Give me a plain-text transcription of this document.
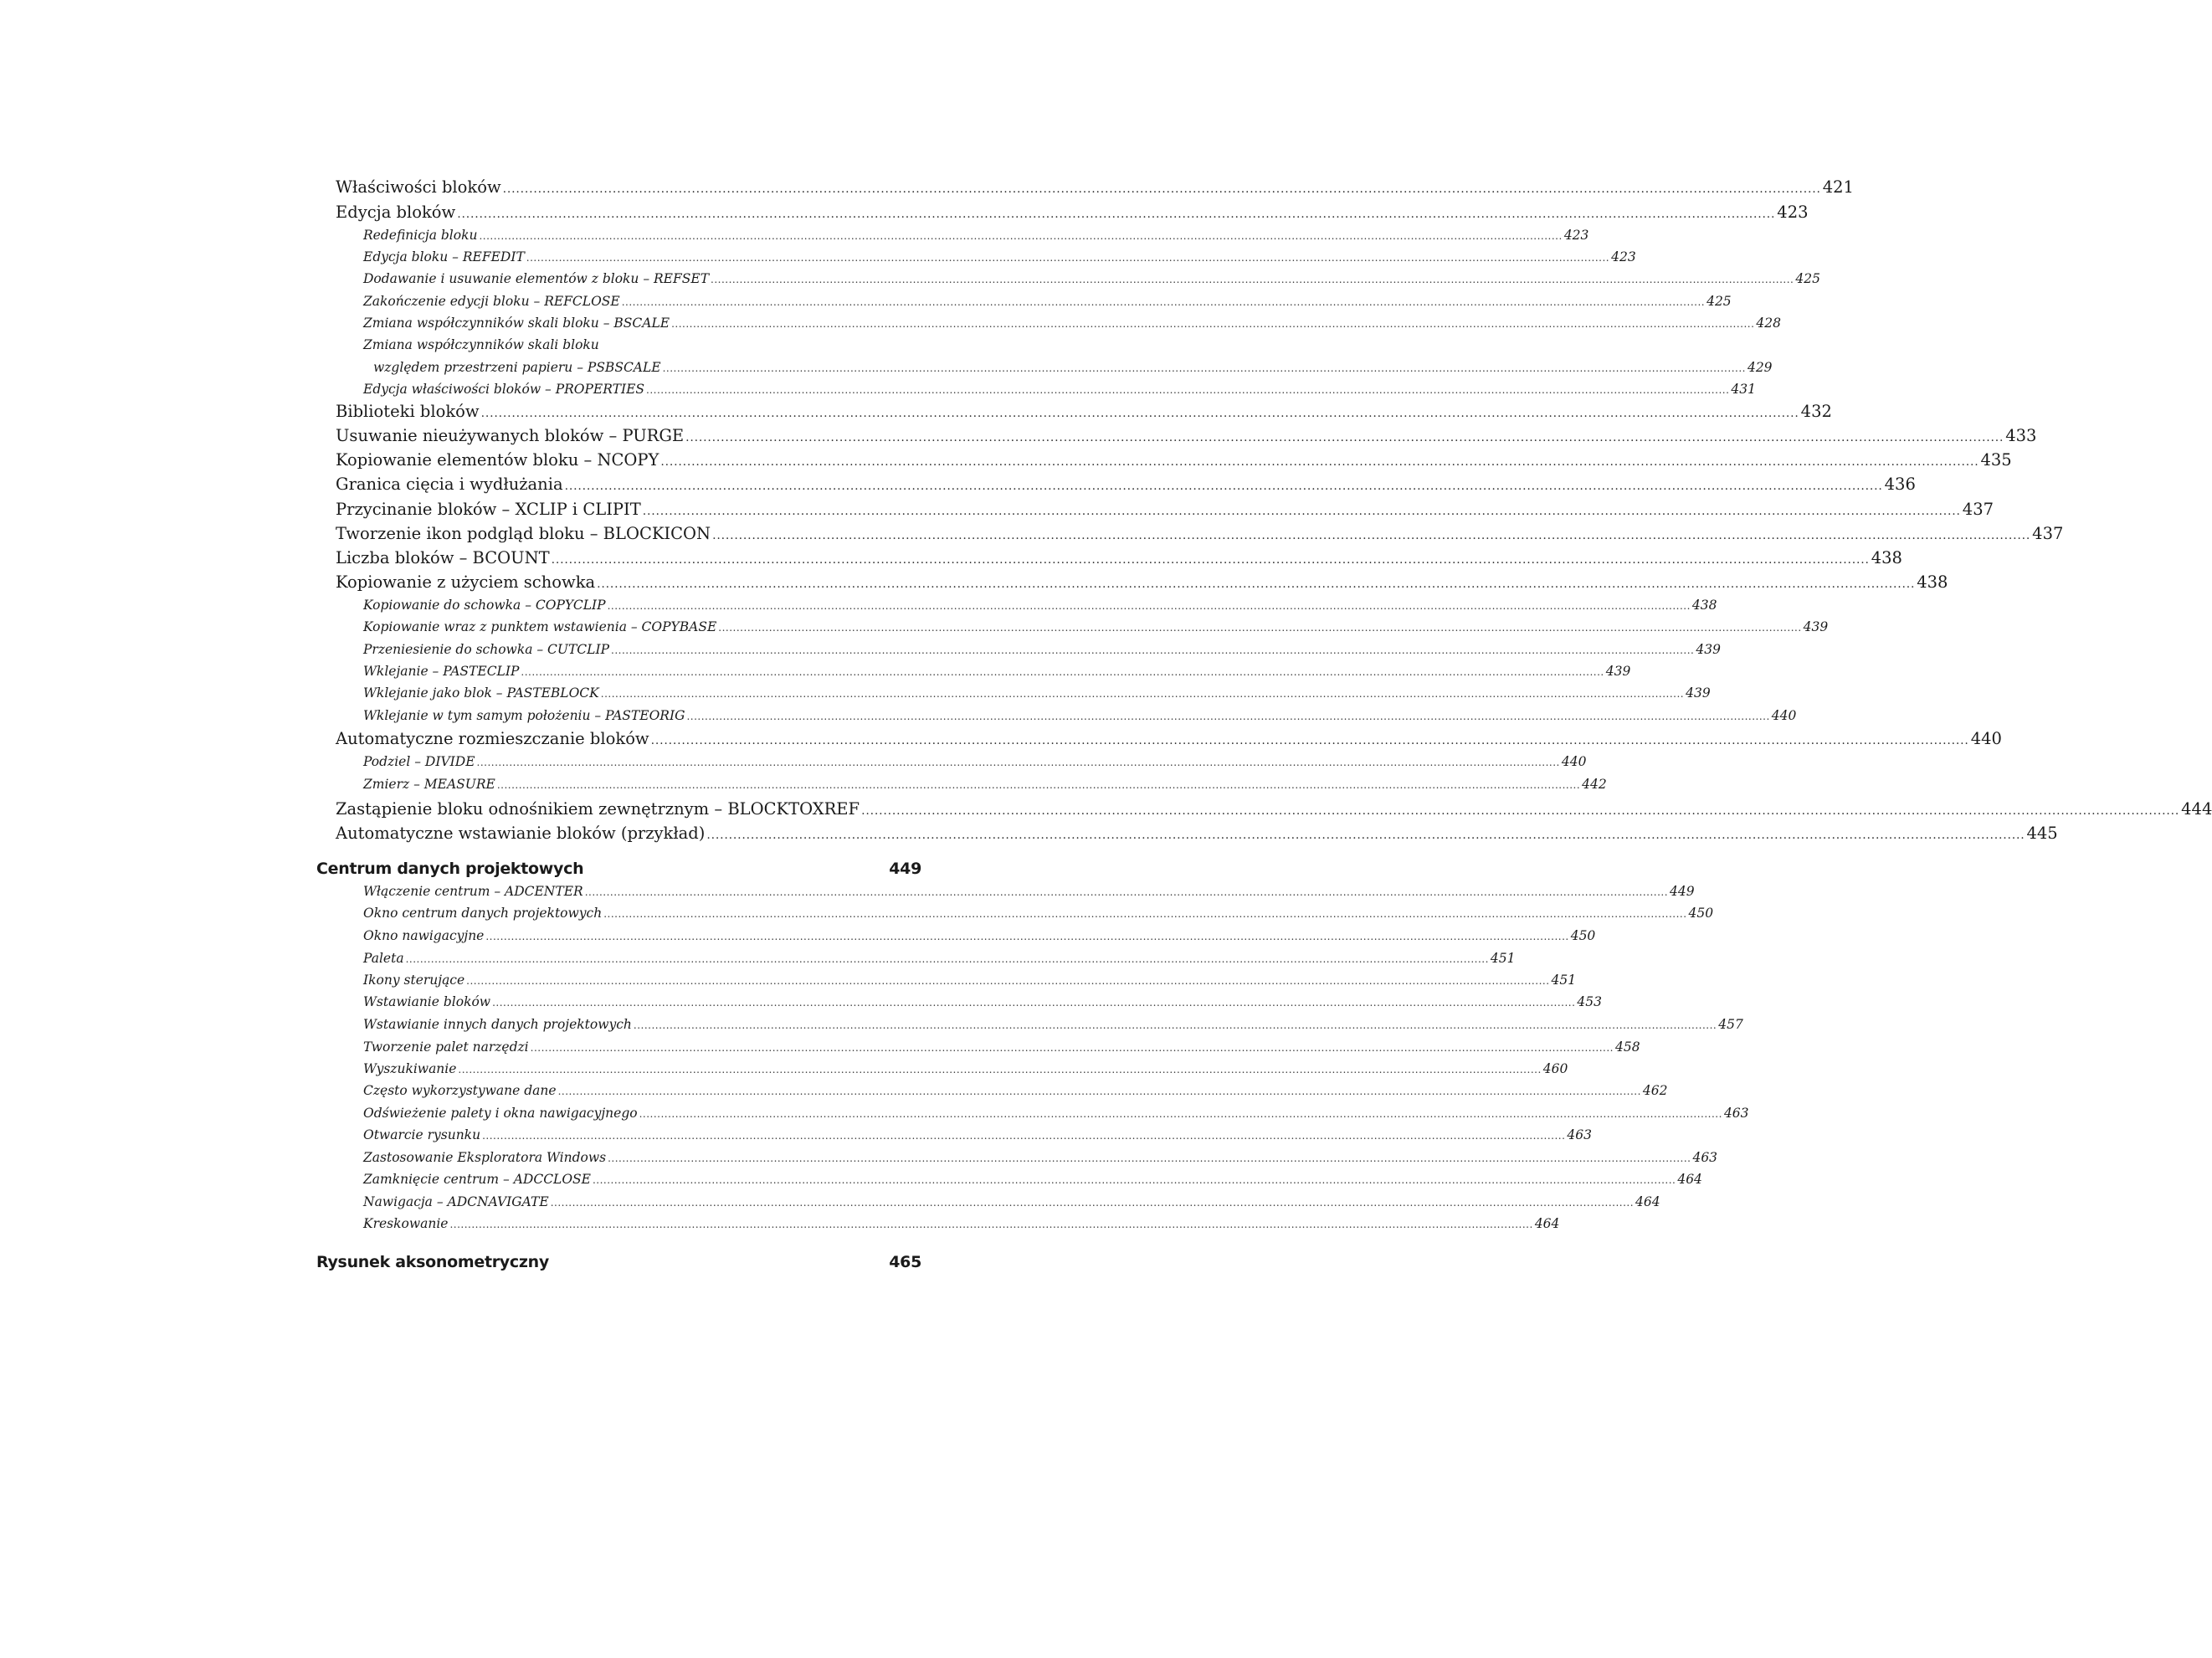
Właściwości bloków ............................................................................................................................................................................................................................................................................................................ 421
Edycja bloków ............................................................................................................................................................................................................................................................................................................ 423
Redefinicja bloku ............................................................................................................................................................................................................................................................................................................ 423
Edycja bloku – REFEDIT ............................................................................................................................................................................................................................................................................................................ 423
Dodawanie i usuwanie elementów z bloku – REFSET ............................................................................................................................................................................................................................................................................................................ 425
Zakończenie edycji bloku – REFCLOSE ............................................................................................................................................................................................................................................................................................................ 425
Zmiana współczynników skali bloku – BSCALE ............................................................................................................................................................................................................................................................................................................ 428
Zmiana współczynników skali bloku
względem przestrzeni papieru – PSBSCALE ............................................................................................................................................................................................................................................................................................................ 429
Edycja właściwości bloków – PROPERTIES ............................................................................................................................................................................................................................................................................................................ 431
Biblioteki bloków ............................................................................................................................................................................................................................................................................................................ 432
Usuwanie nieużywanych bloków – PURGE ............................................................................................................................................................................................................................................................................................................ 433
Kopiowanie elementów bloku – NCOPY ............................................................................................................................................................................................................................................................................................................ 435
Granica cięcia i wydłużania ............................................................................................................................................................................................................................................................................................................ 436
Przycinanie bloków – XCLIP i CLIPIT ............................................................................................................................................................................................................................................................................................................ 437
Tworzenie ikon podgląd bloku – BLOCKICON ............................................................................................................................................................................................................................................................................................................ 437
Liczba bloków – BCOUNT ............................................................................................................................................................................................................................................................................................................ 438
Kopiowanie z użyciem schowka ............................................................................................................................................................................................................................................................................................................ 438
Kopiowanie do schowka – COPYCLIP ............................................................................................................................................................................................................................................................................................................ 438
Kopiowanie wraz z punktem wstawienia – COPYBASE ............................................................................................................................................................................................................................................................................................................ 439
Przeniesienie do schowka – CUTCLIP ............................................................................................................................................................................................................................................................................................................ 439
Wklejanie – PASTECLIP ............................................................................................................................................................................................................................................................................................................ 439
Wklejanie jako blok – PASTEBLOCK ............................................................................................................................................................................................................................................................................................................ 439
Wklejanie w tym samym położeniu – PASTEORIG ............................................................................................................................................................................................................................................................................................................ 440
Automatyczne rozmieszczanie bloków ............................................................................................................................................................................................................................................................................................................ 440
Podziel – DIVIDE ............................................................................................................................................................................................................................................................................................................ 440
Zmierz – MEASURE ............................................................................................................................................................................................................................................................................................................ 442
Zastąpienie bloku odnośnikiem zewnętrznym – BLOCKTOXREF ............................................................................................................................................................................................................................................................................................................ 444
Automatyczne wstawianie bloków (przykład) ............................................................................................................................................................................................................................................................................................................ 445
Centrum danych projektowych	449
Włączenie centrum – ADCENTER ............................................................................................................................................................................................................................................................................................................ 449
Okno centrum danych projektowych ............................................................................................................................................................................................................................................................................................................ 450
Okno nawigacyjne ............................................................................................................................................................................................................................................................................................................ 450
Paleta ............................................................................................................................................................................................................................................................................................................ 451
Ikony sterujące ............................................................................................................................................................................................................................................................................................................ 451
Wstawianie bloków ............................................................................................................................................................................................................................................................................................................ 453
Wstawianie innych danych projektowych ............................................................................................................................................................................................................................................................................................................ 457
Tworzenie palet narzędzi ............................................................................................................................................................................................................................................................................................................ 458
Wyszukiwanie ............................................................................................................................................................................................................................................................................................................ 460
Często wykorzystywane dane ............................................................................................................................................................................................................................................................................................................ 462
Odświeżenie palety i okna nawigacyjnego ............................................................................................................................................................................................................................................................................................................ 463
Otwarcie rysunku ............................................................................................................................................................................................................................................................................................................ 463
Zastosowanie Eksploratora Windows ............................................................................................................................................................................................................................................................................................................ 463
Zamknięcie centrum – ADCCLOSE ............................................................................................................................................................................................................................................................................................................ 464
Nawigacja – ADCNAVIGATE ............................................................................................................................................................................................................................................................................................................ 464
Kreskowanie ............................................................................................................................................................................................................................................................................................................ 464
Rysunek aksonometryczny	465
